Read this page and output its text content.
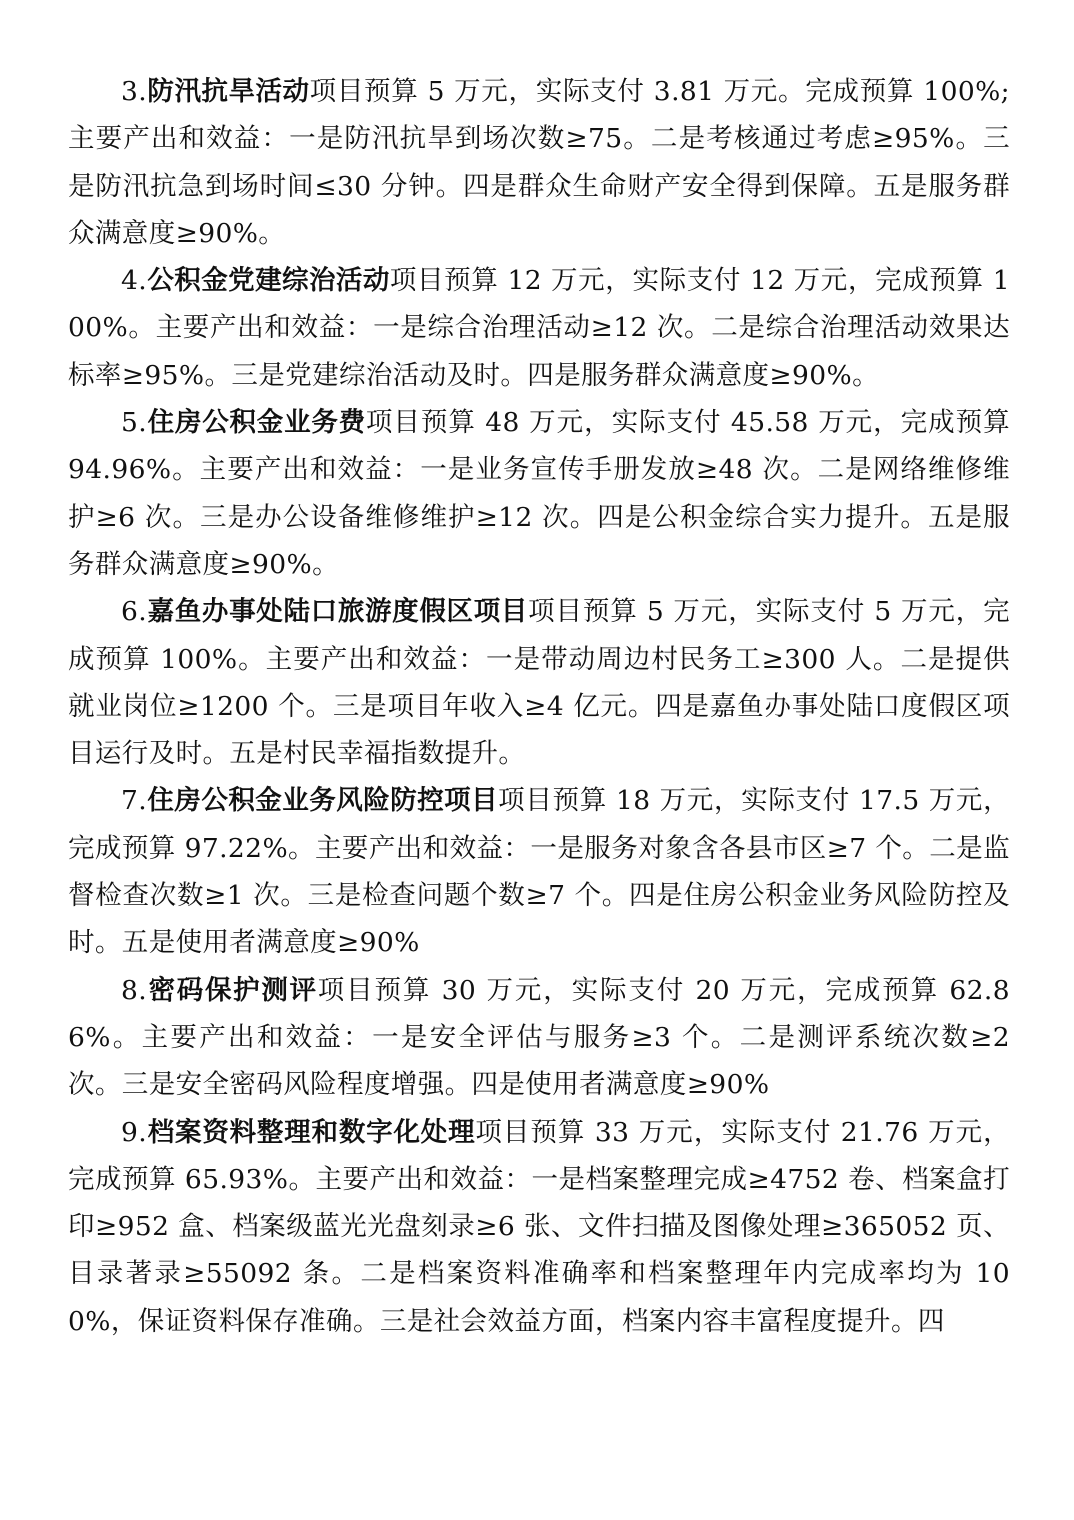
3.防汛抗旱活动项目预算 5 万元，实际支付 3.81 万元。完成预算 100%;主要产出和效益：一是防汛抗旱到场次数≥75。二是考核通过考虑≥95%。三是防汛抗急到场时间≤30 分钟。四是群众生命财产安全得到保障。五是服务群众满意度≥90%。

4.公积金党建综治活动项目预算 12 万元，实际支付 12 万元，完成预算 100%。主要产出和效益：一是综合治理活动≥12 次。二是综合治理活动效果达标率≥95%。三是党建综治活动及时。四是服务群众满意度≥90%。

5.住房公积金业务费项目预算 48 万元，实际支付 45.58 万元，完成预算 94.96%。主要产出和效益：一是业务宣传手册发放≥48 次。二是网络维修维护≥6 次。三是办公设备维修维护≥12 次。四是公积金综合实力提升。五是服务群众满意度≥90%。

6.嘉鱼办事处陆口旅游度假区项目项目预算 5 万元，实际支付 5 万元，完成预算 100%。主要产出和效益：一是带动周边村民务工≥300 人。二是提供就业岗位≥1200 个。三是项目年收入≥4 亿元。四是嘉鱼办事处陆口度假区项目运行及时。五是村民幸福指数提升。

7.住房公积金业务风险防控项目项目预算 18 万元，实际支付 17.5 万元，完成预算 97.22%。主要产出和效益：一是服务对象含各县市区≥7 个。二是监督检查次数≥1 次。三是检查问题个数≥7 个。四是住房公积金业务风险防控及时。五是使用者满意度≥90%

8.密码保护测评项目预算 30 万元，实际支付 20 万元，完成预算 62.86%。主要产出和效益：一是安全评估与服务≥3 个。二是测评系统次数≥2 次。三是安全密码风险程度增强。四是使用者满意度≥90%

9.档案资料整理和数字化处理项目预算 33 万元，实际支付 21.76 万元，完成预算 65.93%。主要产出和效益：一是档案整理完成≥4752 卷、档案盒打印≥952 盒、档案级蓝光光盘刻录≥6 张、文件扫描及图像处理≥365052 页、目录著录≥55092 条。二是档案资料准确率和档案整理年内完成率均为 100%，保证资料保存准确。三是社会效益方面，档案内容丰富程度提升。四
